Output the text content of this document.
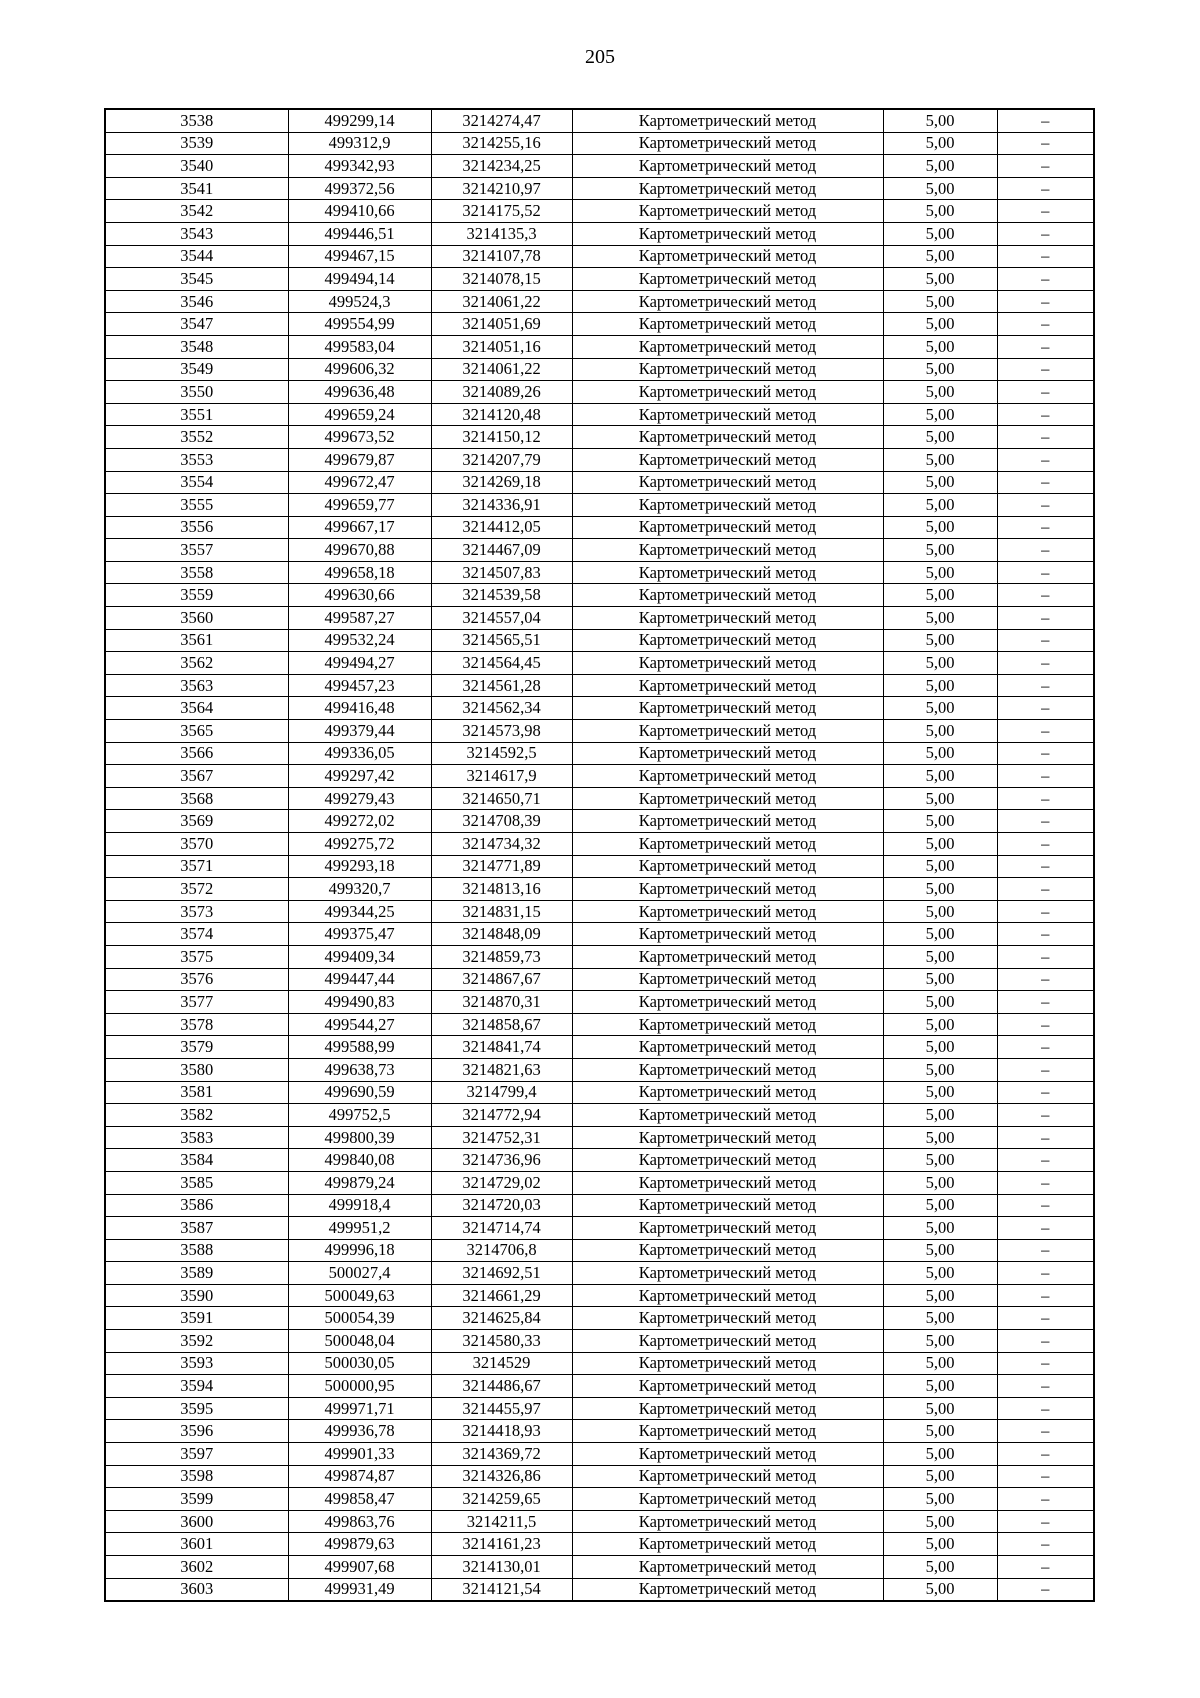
205
3538	499299,14	3214274,47	Картометрический метод	5,00	–
3539	499312,9	3214255,16	Картометрический метод	5,00	–
3540	499342,93	3214234,25	Картометрический метод	5,00	–
3541	499372,56	3214210,97	Картометрический метод	5,00	–
3542	499410,66	3214175,52	Картометрический метод	5,00	–
3543	499446,51	3214135,3	Картометрический метод	5,00	–
3544	499467,15	3214107,78	Картометрический метод	5,00	–
3545	499494,14	3214078,15	Картометрический метод	5,00	–
3546	499524,3	3214061,22	Картометрический метод	5,00	–
3547	499554,99	3214051,69	Картометрический метод	5,00	–
3548	499583,04	3214051,16	Картометрический метод	5,00	–
3549	499606,32	3214061,22	Картометрический метод	5,00	–
3550	499636,48	3214089,26	Картометрический метод	5,00	–
3551	499659,24	3214120,48	Картометрический метод	5,00	–
3552	499673,52	3214150,12	Картометрический метод	5,00	–
3553	499679,87	3214207,79	Картометрический метод	5,00	–
3554	499672,47	3214269,18	Картометрический метод	5,00	–
3555	499659,77	3214336,91	Картометрический метод	5,00	–
3556	499667,17	3214412,05	Картометрический метод	5,00	–
3557	499670,88	3214467,09	Картометрический метод	5,00	–
3558	499658,18	3214507,83	Картометрический метод	5,00	–
3559	499630,66	3214539,58	Картометрический метод	5,00	–
3560	499587,27	3214557,04	Картометрический метод	5,00	–
3561	499532,24	3214565,51	Картометрический метод	5,00	–
3562	499494,27	3214564,45	Картометрический метод	5,00	–
3563	499457,23	3214561,28	Картометрический метод	5,00	–
3564	499416,48	3214562,34	Картометрический метод	5,00	–
3565	499379,44	3214573,98	Картометрический метод	5,00	–
3566	499336,05	3214592,5	Картометрический метод	5,00	–
3567	499297,42	3214617,9	Картометрический метод	5,00	–
3568	499279,43	3214650,71	Картометрический метод	5,00	–
3569	499272,02	3214708,39	Картометрический метод	5,00	–
3570	499275,72	3214734,32	Картометрический метод	5,00	–
3571	499293,18	3214771,89	Картометрический метод	5,00	–
3572	499320,7	3214813,16	Картометрический метод	5,00	–
3573	499344,25	3214831,15	Картометрический метод	5,00	–
3574	499375,47	3214848,09	Картометрический метод	5,00	–
3575	499409,34	3214859,73	Картометрический метод	5,00	–
3576	499447,44	3214867,67	Картометрический метод	5,00	–
3577	499490,83	3214870,31	Картометрический метод	5,00	–
3578	499544,27	3214858,67	Картометрический метод	5,00	–
3579	499588,99	3214841,74	Картометрический метод	5,00	–
3580	499638,73	3214821,63	Картометрический метод	5,00	–
3581	499690,59	3214799,4	Картометрический метод	5,00	–
3582	499752,5	3214772,94	Картометрический метод	5,00	–
3583	499800,39	3214752,31	Картометрический метод	5,00	–
3584	499840,08	3214736,96	Картометрический метод	5,00	–
3585	499879,24	3214729,02	Картометрический метод	5,00	–
3586	499918,4	3214720,03	Картометрический метод	5,00	–
3587	499951,2	3214714,74	Картометрический метод	5,00	–
3588	499996,18	3214706,8	Картометрический метод	5,00	–
3589	500027,4	3214692,51	Картометрический метод	5,00	–
3590	500049,63	3214661,29	Картометрический метод	5,00	–
3591	500054,39	3214625,84	Картометрический метод	5,00	–
3592	500048,04	3214580,33	Картометрический метод	5,00	–
3593	500030,05	3214529	Картометрический метод	5,00	–
3594	500000,95	3214486,67	Картометрический метод	5,00	–
3595	499971,71	3214455,97	Картометрический метод	5,00	–
3596	499936,78	3214418,93	Картометрический метод	5,00	–
3597	499901,33	3214369,72	Картометрический метод	5,00	–
3598	499874,87	3214326,86	Картометрический метод	5,00	–
3599	499858,47	3214259,65	Картометрический метод	5,00	–
3600	499863,76	3214211,5	Картометрический метод	5,00	–
3601	499879,63	3214161,23	Картометрический метод	5,00	–
3602	499907,68	3214130,01	Картометрический метод	5,00	–
3603	499931,49	3214121,54	Картометрический метод	5,00	–
